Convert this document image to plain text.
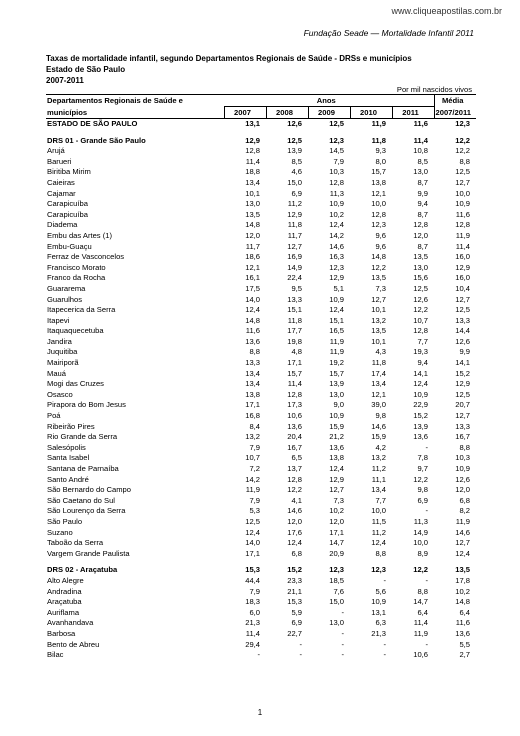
www.cliqueapostilas.com.br
Fundação Seade — Mortalidade Infantil 2011
Taxas de mortalidade infantil, segundo Departamentos Regionais de Saúde - DRSs e municípios
Estado de São Paulo
2007-2011
Por mil nascidos vivos
Departamentos Regionais de Saúde e	Anos					Média
municípios	2007	2008	2009	2010	2011	2007/2011
ESTADO DE SÃO PAULO	13,1	12,6	12,5	11,9	11,6	12,3

DRS 01 - Grande São Paulo	12,9	12,5	12,3	11,8	11,4	12,2
Arujá	12,8	13,9	14,5	9,3	10,8	12,2
Barueri	11,4	8,5	7,9	8,0	8,5	8,8
Biritiba Mirim	18,8	4,6	10,3	15,7	13,0	12,5
Caieiras	13,4	15,0	12,8	13,8	8,7	12,7
Cajamar	10,1	6,9	11,3	12,1	9,9	10,0
Carapicuíba	13,0	11,2	10,9	10,0	9,4	10,9
Carapicuíba	13,5	12,9	10,2	12,8	8,7	11,6
Diadema	14,8	11,8	12,4	12,3	12,8	12,8
Embu das Artes (1)	12,0	11,7	14,2	9,6	12,0	11,9
Embu-Guaçu	11,7	12,7	14,6	9,6	8,7	11,4
Ferraz de Vasconcelos	18,6	16,9	16,3	14,8	13,5	16,0
Francisco Morato	12,1	14,9	12,3	12,2	13,0	12,9
Franco da Rocha	16,1	22,4	12,9	13,5	15,6	16,0
Guararema	17,5	9,5	5,1	7,3	12,5	10,4
Guarulhos	14,0	13,3	10,9	12,7	12,6	12,7
Itapecerica da Serra	12,4	15,1	12,4	10,1	12,2	12,5
Itapevi	14,8	11,8	15,1	13,2	10,7	13,3
Itaquaquecetuba	11,6	17,7	16,5	13,5	12,8	14,4
Jandira	13,6	19,8	11,9	10,1	7,7	12,6
Juquitiba	8,8	4,8	11,9	4,3	19,3	9,9
Mairiporã	13,3	17,1	19,2	11,8	9,4	14,1
Mauá	13,4	15,7	15,7	17,4	14,1	15,2
Mogi das Cruzes	13,4	11,4	13,9	13,4	12,4	12,9
Osasco	13,8	12,8	13,0	12,1	10,9	12,5
Pirapora do Bom Jesus	17,1	17,3	9,0	39,0	22,9	20,7
Poá	16,8	10,6	10,9	9,8	15,2	12,7
Ribeirão Pires	8,4	13,6	15,9	14,6	13,9	13,3
Rio Grande da Serra	13,2	20,4	21,2	15,9	13,6	16,7
Salesópolis	7,9	16,7	13,6	4,2	-	8,8
Santa Isabel	10,7	6,5	13,8	13,2	7,8	10,3
Santana de Parnaíba	7,2	13,7	12,4	11,2	9,7	10,9
Santo André	14,2	12,8	12,9	11,1	12,2	12,6
São Bernardo do Campo	11,9	12,2	12,7	13,4	9,8	12,0
São Caetano do Sul	7,9	4,1	7,3	7,7	6,9	6,8
São Lourenço da Serra	5,3	14,6	10,2	10,0	-	8,2
São Paulo	12,5	12,0	12,0	11,5	11,3	11,9
Suzano	12,4	17,6	17,1	11,2	14,9	14,6
Taboão da Serra	14,0	12,4	14,7	12,4	10,0	12,7
Vargem Grande Paulista	17,1	6,8	20,9	8,8	8,9	12,4

DRS 02 - Araçatuba	15,3	15,2	12,3	12,3	12,2	13,5
Alto Alegre	44,4	23,3	18,5	-	-	17,8
Andradina	7,9	21,1	7,6	5,6	8,8	10,2
Araçatuba	18,3	15,3	15,0	10,9	14,7	14,8
Auriflama	6,0	5,9	-	13,1	6,4	6,4
Avanhandava	21,3	6,9	13,0	6,3	11,4	11,6
Barbosa	11,4	22,7	-	21,3	11,9	13,6
Bento de Abreu	29,4	-	-	-	-	5,5
Bilac	-	-	-	-	10,6	2,7
1
